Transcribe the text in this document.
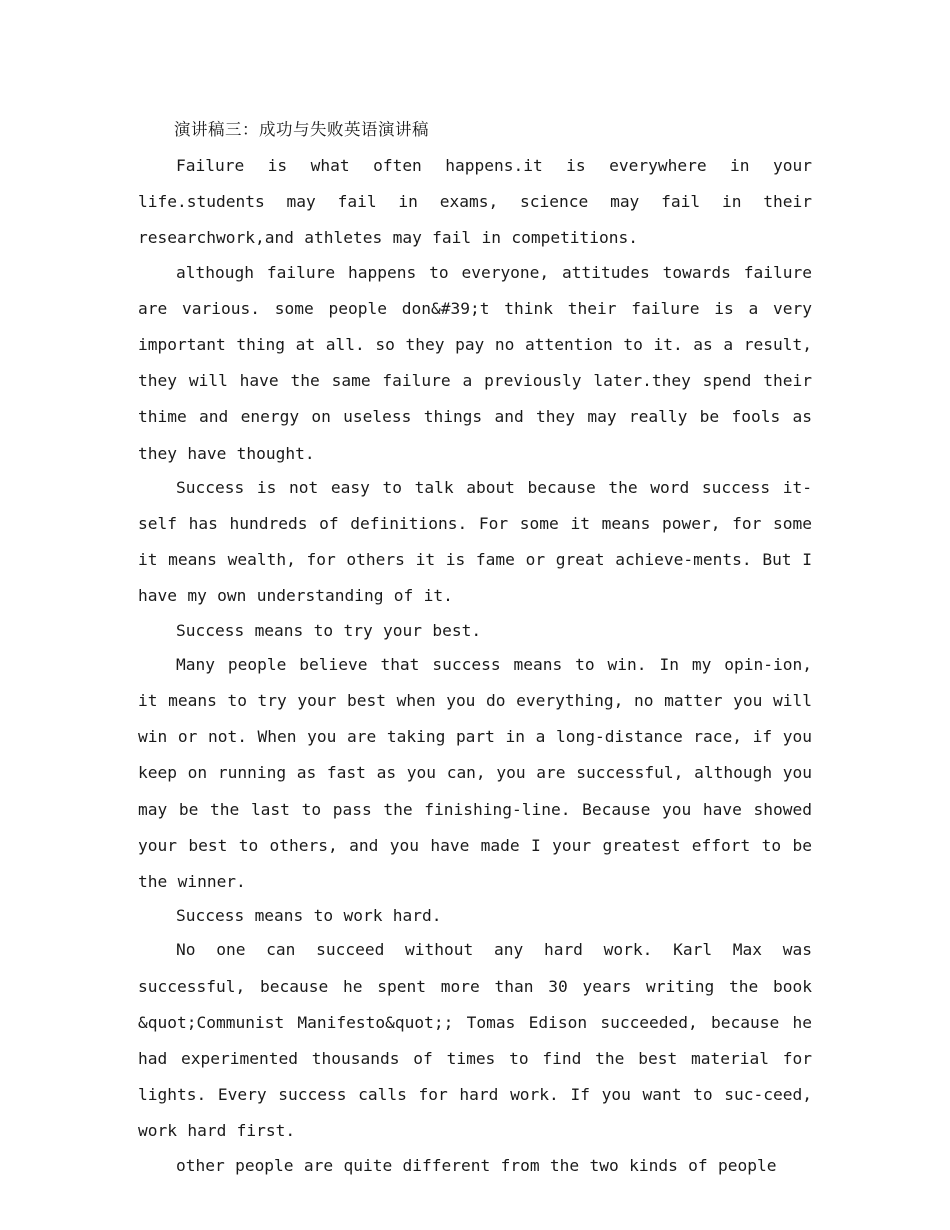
演讲稿三：成功与失败英语演讲稿

Failure is what often happens.it is everywhere in your life.students may fail in exams, science may fail in their researchwork,and athletes may fail in competitions.

although failure happens to everyone, attitudes towards failure are various. some people don&#39;t think their failure is a very important thing at all. so they pay no attention to it. as a result, they will have the same failure a previously later.they spend their thime and energy on useless things and they may really be fools as they have thought.

Success is not easy to talk about because the word success it-self has hundreds of definitions. For some it means power, for some it means wealth, for others it is fame or great achieve-ments. But I have my own understanding of it.

Success means to try your best.

Many people believe that success means to win. In my opin-ion, it means to try your best when you do everything, no matter you will win or not. When you are taking part in a long-distance race, if you keep on running as fast as you can, you are successful, although you may be the last to pass the finishing-line. Because you have showed your best to others, and you have made I your greatest effort to be the winner.

Success means to work hard.

No one can succeed without any hard work. Karl Max was successful, because he spent more than 30 years writing the book &quot;Communist Manifesto&quot;; Tomas Edison succeeded, because he had experimented thousands of times to find the best material for lights. Every success calls for hard work. If you want to suc-ceed, work hard first.

other people are quite different from the two kinds of people
